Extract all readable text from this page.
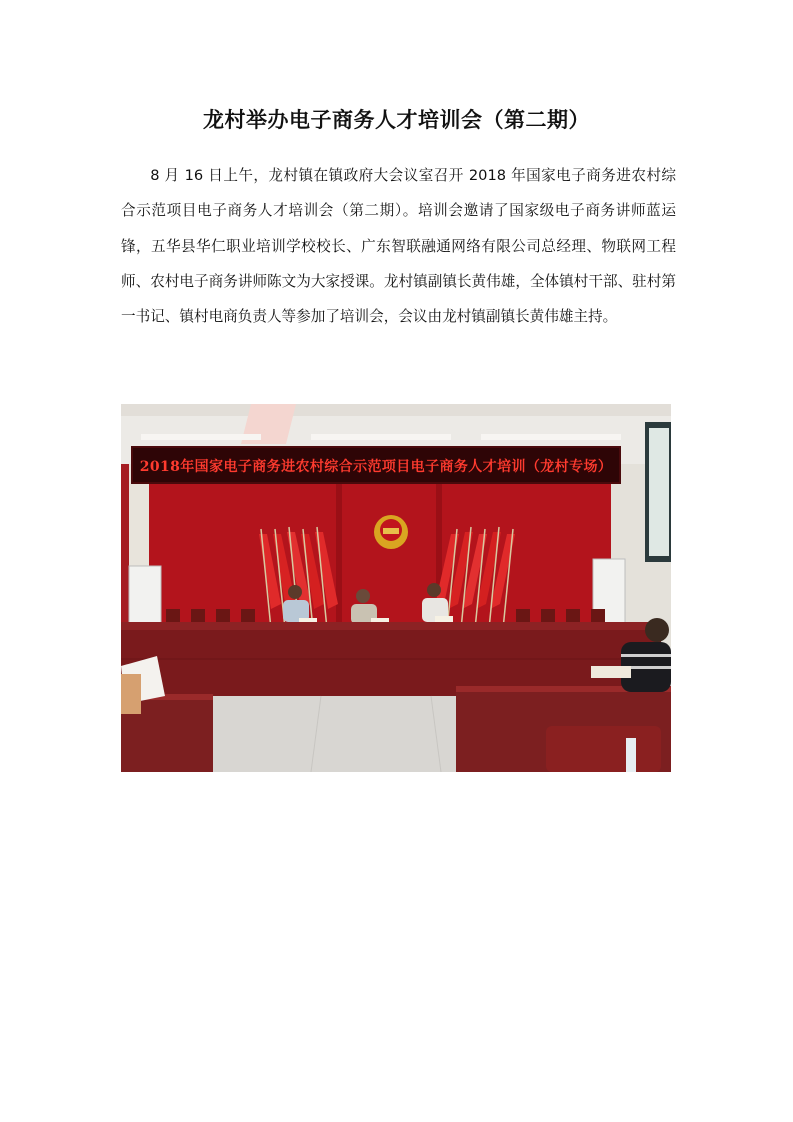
龙村举办电子商务人才培训会（第二期）

8 月 16 日上午，龙村镇在镇政府大会议室召开 2018 年国家电子商务进农村综合示范项目电子商务人才培训会（第二期）。培训会邀请了国家级电子商务讲师蓝运锋，五华县华仁职业培训学校校长、广东智联融通网络有限公司总经理、物联网工程师、农村电子商务讲师陈文为大家授课。龙村镇副镇长黄伟雄，全体镇村干部、驻村第一书记、镇村电商负责人等参加了培训会，会议由龙村镇副镇长黄伟雄主持。

2018年国家电子商务进农村综合示范项目电子商务人才培训（龙村专场）
